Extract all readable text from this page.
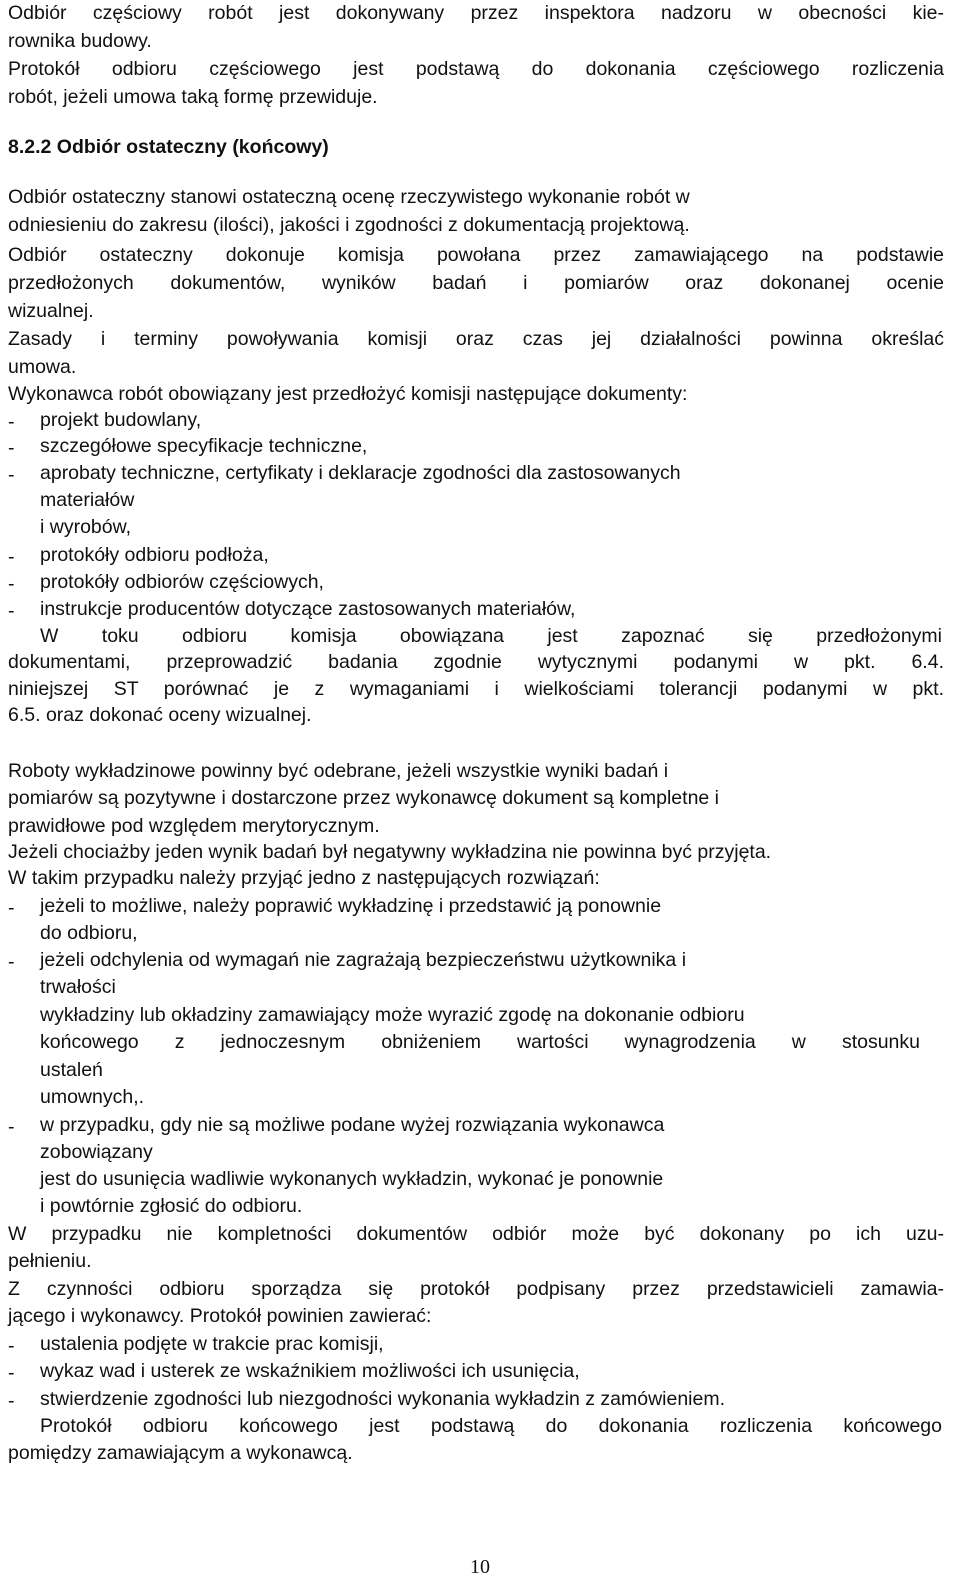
Odbiór częściowy robót jest dokonywany przez inspektora nadzoru w obecności kie-
rownika budowy.
Protokół odbioru częściowego jest podstawą do dokonania częściowego rozliczenia
robót, jeżeli umowa taką formę przewiduje.
8.2.2 Odbiór ostateczny (końcowy)
Odbiór ostateczny stanowi ostateczną ocenę rzeczywistego wykonanie robót w
odniesieniu do zakresu (ilości), jakości i zgodności z dokumentacją projektową.
Odbiór ostateczny dokonuje komisja powołana przez zamawiającego na podstawie
przedłożonych dokumentów, wyników badań i pomiarów oraz dokonanej ocenie
wizualnej.
Zasady i terminy powoływania komisji oraz czas jej działalności powinna określać
umowa.
Wykonawca robót obowiązany jest przedłożyć komisji następujące dokumenty:
- projekt budowlany,
- szczegółowe specyfikacje techniczne,
- aprobaty techniczne, certyfikaty i deklaracje zgodności dla zastosowanych
materiałów
i wyrobów,
- protokóły odbioru podłoża,
- protokóły odbiorów częściowych,
- instrukcje producentów dotyczące zastosowanych materiałów,
W toku odbioru komisja obowiązana jest zapoznać się przedłożonymi
dokumentami, przeprowadzić badania zgodnie wytycznymi podanymi w pkt. 6.4.
niniejszej ST porównać je z wymaganiami i wielkościami tolerancji podanymi w pkt.
6.5. oraz dokonać oceny wizualnej.
Roboty wykładzinowe powinny być odebrane, jeżeli wszystkie wyniki badań i
pomiarów są pozytywne i dostarczone przez wykonawcę dokument są kompletne i
prawidłowe pod względem merytorycznym.
Jeżeli chociażby jeden wynik badań był negatywny wykładzina nie powinna być przyjęta.
W takim przypadku należy przyjąć jedno z następujących rozwiązań:
- jeżeli to możliwe, należy poprawić wykładzinę i przedstawić ją ponownie
do odbioru,
- jeżeli odchylenia od wymagań nie zagrażają bezpieczeństwu użytkownika i
trwałości
wykładziny lub okładziny zamawiający może wyrazić zgodę na dokonanie odbioru
końcowego z jednoczesnym obniżeniem wartości wynagrodzenia w stosunku
ustaleń
umownych,.
- w przypadku, gdy nie są możliwe podane wyżej rozwiązania wykonawca
zobowiązany
jest do usunięcia wadliwie wykonanych wykładzin, wykonać je ponownie
i powtórnie zgłosić do odbioru.
W przypadku nie kompletności dokumentów odbiór może być dokonany po ich uzu-
pełnieniu.
Z czynności odbioru sporządza się protokół podpisany przez przedstawicieli zamawia-
jącego i wykonawcy. Protokół powinien zawierać:
- ustalenia podjęte w trakcie prac komisji,
- wykaz wad i usterek ze wskaźnikiem możliwości ich usunięcia,
- stwierdzenie zgodności lub niezgodności wykonania wykładzin z zamówieniem.
Protokół odbioru końcowego jest podstawą do dokonania rozliczenia końcowego
pomiędzy zamawiającym a wykonawcą.
10
